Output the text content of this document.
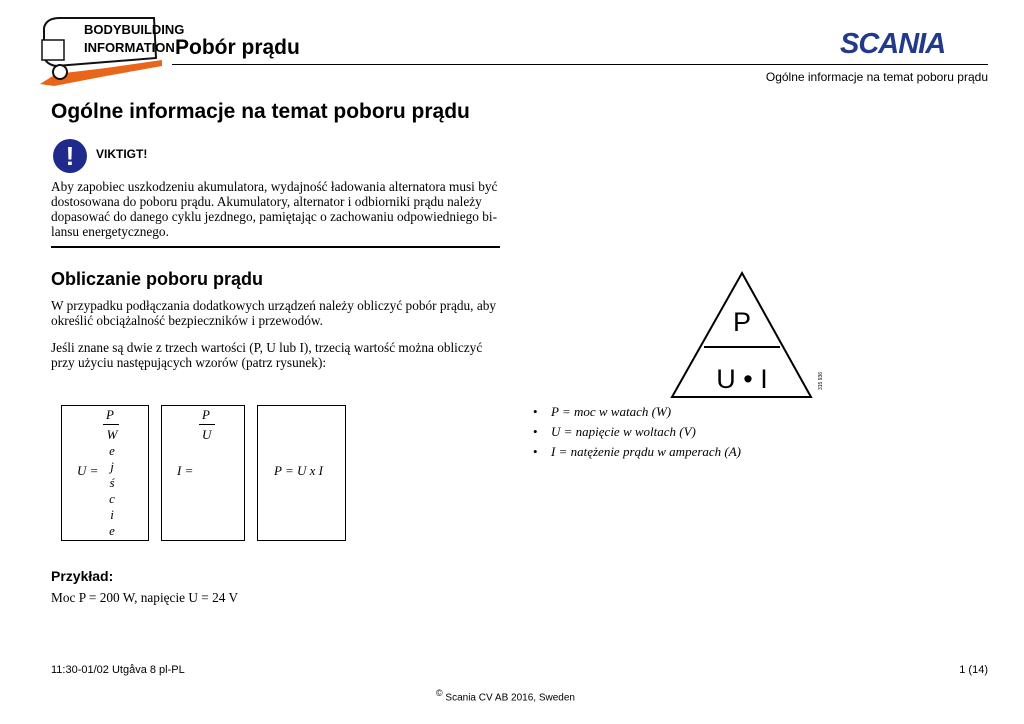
BODYBUILDING
INFORMATION Pobór prądu	SCANIA
Ogólne informacje na temat poboru prądu
Ogólne informacje na temat poboru prądu
!	VIKTIGT!
Aby zapobiec uszkodzeniu akumulatora, wydajność ładowania alternatora musi być
dostosowana do poboru prądu. Akumulatory, alternator i odbiorniki prądu należy
dopasować do danego cyklu jezdnego, pamiętając o zachowaniu odpowiedniego bi-
lansu energetycznego.
Obliczanie poboru prądu
W przypadku podłączania dodatkowych urządzeń należy obliczyć pobór prądu, aby
określić obciążalność bezpieczników i przewodów.
Jeśli znane są dwie z trzech wartości (P, U lub I), trzecią wartość można obliczyć
przy użyciu następujących wzorów (patrz rysunek):
U =
P
W
e
j
ś
c
i
e
I =
P
U
P = U x I
P
U • I	315 936
• P = moc w watach (W)
• U = napięcie w woltach (V)
• I = natężenie prądu w amperach (A)
Przykład:
Moc P = 200 W, napięcie U = 24 V
11:30-01/02 Utgåva 8 pl-PL	1 (14)
© Scania CV AB 2016, Sweden
